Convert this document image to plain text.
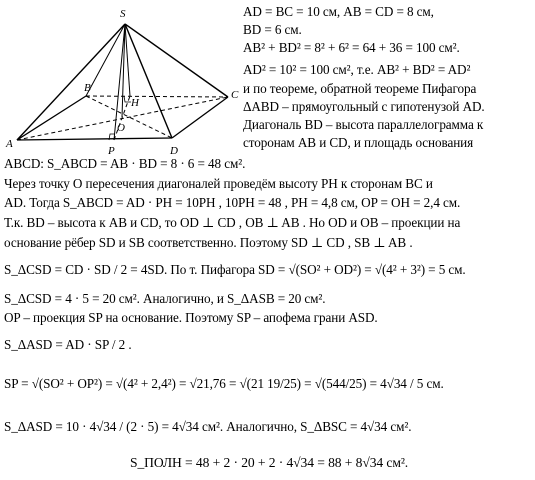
S
A
B
C
D
O
H
P
AD = BC = 10 см, AB = CD = 8 см,
BD = 6 см.
AB² + BD² = 8² + 6² = 64 + 36 = 100 см².
AD² = 10² = 100 см², т.е. AB² + BD² = AD²
и по теореме, обратной теореме Пифагора
ΔABD – прямоугольный с гипотенузой AD.
Диагональ BD – высота параллелограмма к
сторонам AB и CD, и площадь основания
ABCD: S_ABCD = AB · BD = 8 · 6 = 48 см².
Через точку O пересечения диагоналей проведём высоту PH к сторонам BC и
AD. Тогда S_ABCD = AD · PH = 10PH , 10PH = 48 , PH = 4,8 см, OP = OH = 2,4 см.
Т.к. BD – высота к AB и CD, то OD ⊥ CD , OB ⊥ AB . Но OD и OB – проекции на
основание рёбер SD и SB соответственно. Поэтому SD ⊥ CD , SB ⊥ AB .
S_ΔCSD = CD · SD / 2 = 4SD. По т. Пифагора SD = √(SO² + OD²) = √(4² + 3²) = 5 см.
S_ΔCSD = 4 · 5 = 20 см². Аналогично, и S_ΔASB = 20 см².
OP – проекция SP на основание. Поэтому SP – апофема грани ASD.
S_ΔASD = AD · SP / 2 .
SP = √(SO² + OP²) = √(4² + 2,4²) = √21,76 = √(21 19/25) = √(544/25) = 4√34 / 5 см.
S_ΔASD = 10 · 4√34 / (2 · 5) = 4√34 см². Аналогично, S_ΔBSC = 4√34 см².
S_ПОЛН = 48 + 2 · 20 + 2 · 4√34 = 88 + 8√34 см².
